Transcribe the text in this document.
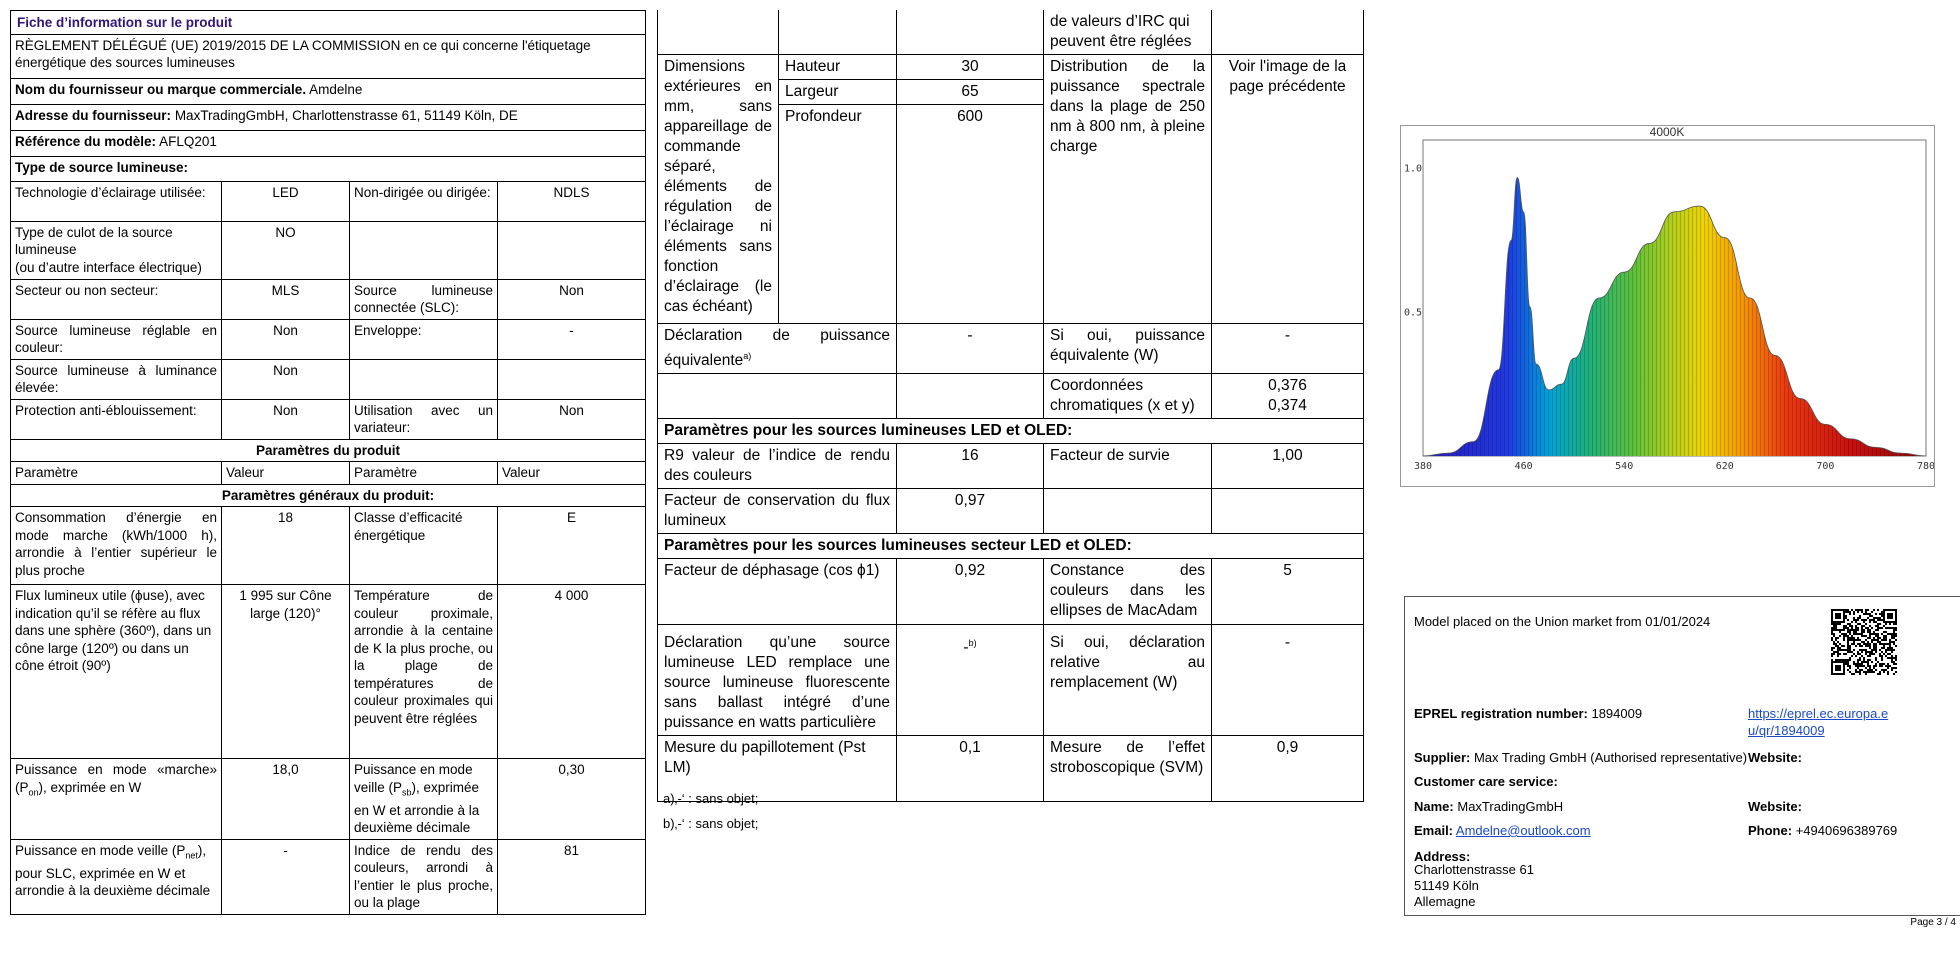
Fiche d’information sur le produit			
RÈGLEMENT DÉLÉGUÉ (UE) 2019/2015 DE LA COMMISSION en ce qui concerne l'étiquetage énergétique des sources lumineuses			
Nom du fournisseur ou marque commerciale. Amdelne			
Adresse du fournisseur: MaxTradingGmbH, Charlottenstrasse 61, 51149 Köln, DE			
Référence du modèle: AFLQ201			
Type de source lumineuse:			
Technologie d’éclairage utilisée:	LED	Non-dirigée ou dirigée:	NDLS
Type de culot de la source lumineuse
(ou d’autre interface électrique)	NO		
Secteur ou non secteur:	MLS	Source lumineuse connectée (SLC):	Non
Source lumineuse réglable en couleur:	Non	Enveloppe:	-
Source lumineuse à luminance élevée:	Non		
Protection anti-éblouissement:	Non	Utilisation avec un variateur:	Non
Paramètres du produit			
Paramètre	Valeur	Paramètre	Valeur
Paramètres généraux du produit:			
Consommation d’énergie en mode marche (kWh/1000 h), arrondie à l’entier supérieur le plus proche	18	Classe d’efficacité énergétique	E
Flux lumineux utile (ϕuse), avec indication qu’il se réfère au flux dans une sphère (360º), dans un cône large (120º) ou dans un cône étroit (90º)	1 995 sur Cône large (120)°	Température de couleur proximale, arrondie à la centaine de K la plus proche, ou la plage de températures de couleur proximales qui peuvent être réglées	4 000
Puissance en mode «marche» $(P_{on})$, exprimée en W	18,0	Puissance en mode veille $(P_{sb})$, exprimée en W et arrondie à la deuxième décimale	0,30
Puissance en mode veille $(P_{net})$, pour SLC, exprimée en W et arrondie à la deuxième décimale	-	Indice de rendu des couleurs, arrondi à l’entier le plus proche, ou la plage	81
			de valeurs d’IRC qui peuvent être réglées	
Dimensions extérieures en mm, sans appareillage de commande séparé, éléments de régulation de l’éclairage ni éléments sans fonction d’éclairage (le cas échéant)	Hauteur	30	Distribution de la puissance spectrale dans la plage de 250 nm à 800 nm, à pleine charge	Voir l'image de la page précédente
	Largeur	65		
	Profondeur	600		
Déclaration de puissance équivalente$^{a)}$		-	Si oui, puissance équivalente (W)	-
			Coordonnées chromatiques (x et y)	0,376
0,374
Paramètres pour les sources lumineuses LED et OLED:				
R9 valeur de l’indice de rendu des couleurs		16	Facteur de survie	1,00
Facteur de conservation du flux lumineux		0,97		
Paramètres pour les sources lumineuses secteur LED et OLED:				
Facteur de déphasage (cos ϕ1)		0,92	Constance des couleurs dans les ellipses de MacAdam	5
Déclaration qu’une source lumineuse LED remplace une source lumineuse fluorescente sans ballast intégré d’une puissance en watts particulière		-$^{b)}$	Si oui, déclaration relative au remplacement (W)	-
Mesure du papillotement (Pst LM)		0,1	Mesure de l’effet stroboscopique (SVM)	0,9
a)‚-‘ : sans objet;
b)‚-‘ : sans objet;
4000K
380	460	540	620	700	780
1.0
0.5
Model placed on the Union market from 01/01/2024
EPREL registration number: 1894009	https://eprel.ec.europa.eu/qr/1894009
Supplier: Max Trading GmbH (Authorised representative) Website:
Customer care service:
Name: MaxTradingGmbH	Website:
Email: Amdelne@outlook.com	Phone: +4940696389769
Address:
Charlottenstrasse 61
51149 Köln
Allemagne
Page 3 / 4
